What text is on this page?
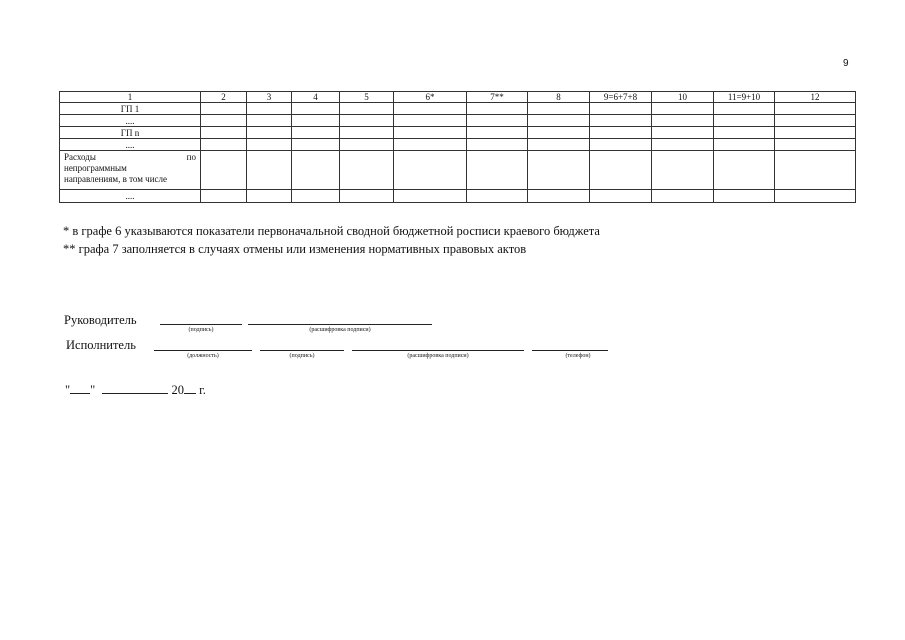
9
1	2	3	4	5	6*	7**	8	9=6+7+8	10	11=9+10	12
ГП 1											
....											
ГП n											
....											

Расходы по
непрограммным
направлениям, в том числе											

....											
* в графе 6 указываются показатели первоначальной сводной бюджетной росписи краевого бюджета
** графа 7 заполняется в случаях отмены или изменения нормативных правовых актов
Руководитель
(подпись)	(расшифровка подписи)
Исполнитель
(должность)	(подпись)	(расшифровка подписи)	(телефон)
" "	20 г.
